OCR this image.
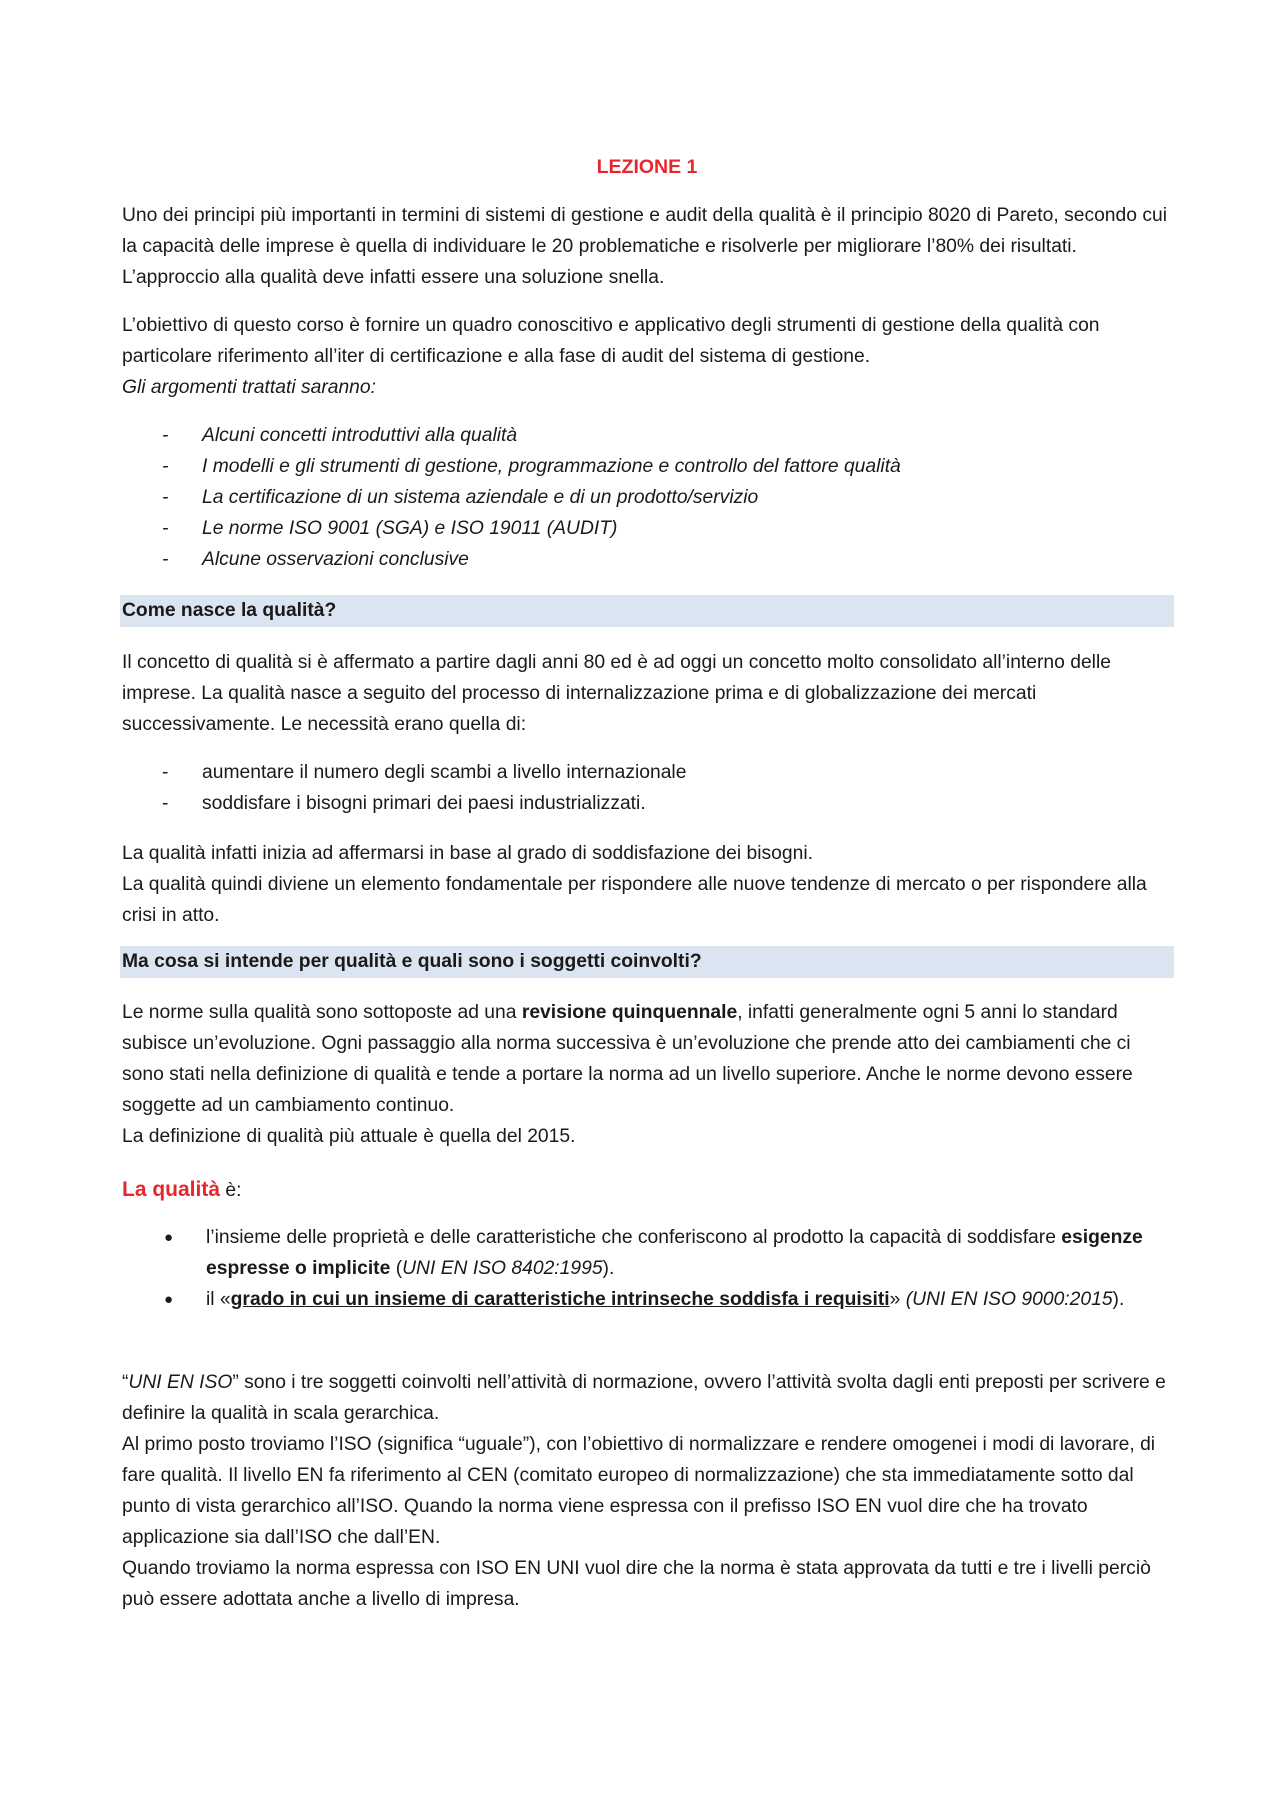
LEZIONE 1

Uno dei principi più importanti in termini di sistemi di gestione e audit della qualità è il principio 8020 di Pareto, secondo cui la capacità delle imprese è quella di individuare le 20 problematiche e risolverle per migliorare l’80% dei risultati. L’approccio alla qualità deve infatti essere una soluzione snella.

L’obiettivo di questo corso è fornire un quadro conoscitivo e applicativo degli strumenti di gestione della qualità con particolare riferimento all’iter di certificazione e alla fase di audit del sistema di gestione.
Gli argomenti trattati saranno:

- Alcuni concetti introduttivi alla qualità
- I modelli e gli strumenti di gestione, programmazione e controllo del fattore qualità
- La certificazione di un sistema aziendale e di un prodotto/servizio
- Le norme ISO 9001 (SGA) e ISO 19011 (AUDIT)
- Alcune osservazioni conclusive
Come nasce la qualità?

Il concetto di qualità si è affermato a partire dagli anni 80 ed è ad oggi un concetto molto consolidato all’interno delle imprese. La qualità nasce a seguito del processo di internalizzazione prima e di globalizzazione dei mercati successivamente. Le necessità erano quella di:

- aumentare il numero degli scambi a livello internazionale
- soddisfare i bisogni primari dei paesi industrializzati.

La qualità infatti inizia ad affermarsi in base al grado di soddisfazione dei bisogni.
La qualità quindi diviene un elemento fondamentale per rispondere alle nuove tendenze di mercato o per rispondere alla crisi in atto.

Ma cosa si intende per qualità e quali sono i soggetti coinvolti?

Le norme sulla qualità sono sottoposte ad una revisione quinquennale, infatti generalmente ogni 5 anni lo standard subisce un’evoluzione. Ogni passaggio alla norma successiva è un’evoluzione che prende atto dei cambiamenti che ci sono stati nella definizione di qualità e tende a portare la norma ad un livello superiore. Anche le norme devono essere soggette ad un cambiamento continuo.
La definizione di qualità più attuale è quella del 2015.

La qualità è:
● l’insieme delle proprietà e delle caratteristiche che conferiscono al prodotto la capacità di soddisfare esigenze espresse o implicite (UNI EN ISO 8402:1995).
● il «grado in cui un insieme di caratteristiche intrinseche soddisfa i requisiti» (UNI EN ISO 9000:2015).

“UNI EN ISO” sono i tre soggetti coinvolti nell’attività di normazione, ovvero l’attività svolta dagli enti preposti per scrivere e definire la qualità in scala gerarchica.
Al primo posto troviamo l’ISO (significa “uguale”), con l’obiettivo di normalizzare e rendere omogenei i modi di lavorare, di fare qualità. Il livello EN fa riferimento al CEN (comitato europeo di normalizzazione) che sta immediatamente sotto dal punto di vista gerarchico all’ISO. Quando la norma viene espressa con il prefisso ISO EN vuol dire che ha trovato applicazione sia dall’ISO che dall’EN.
Quando troviamo la norma espressa con ISO EN UNI vuol dire che la norma è stata approvata da tutti e tre i livelli perciò può essere adottata anche a livello di impresa.
